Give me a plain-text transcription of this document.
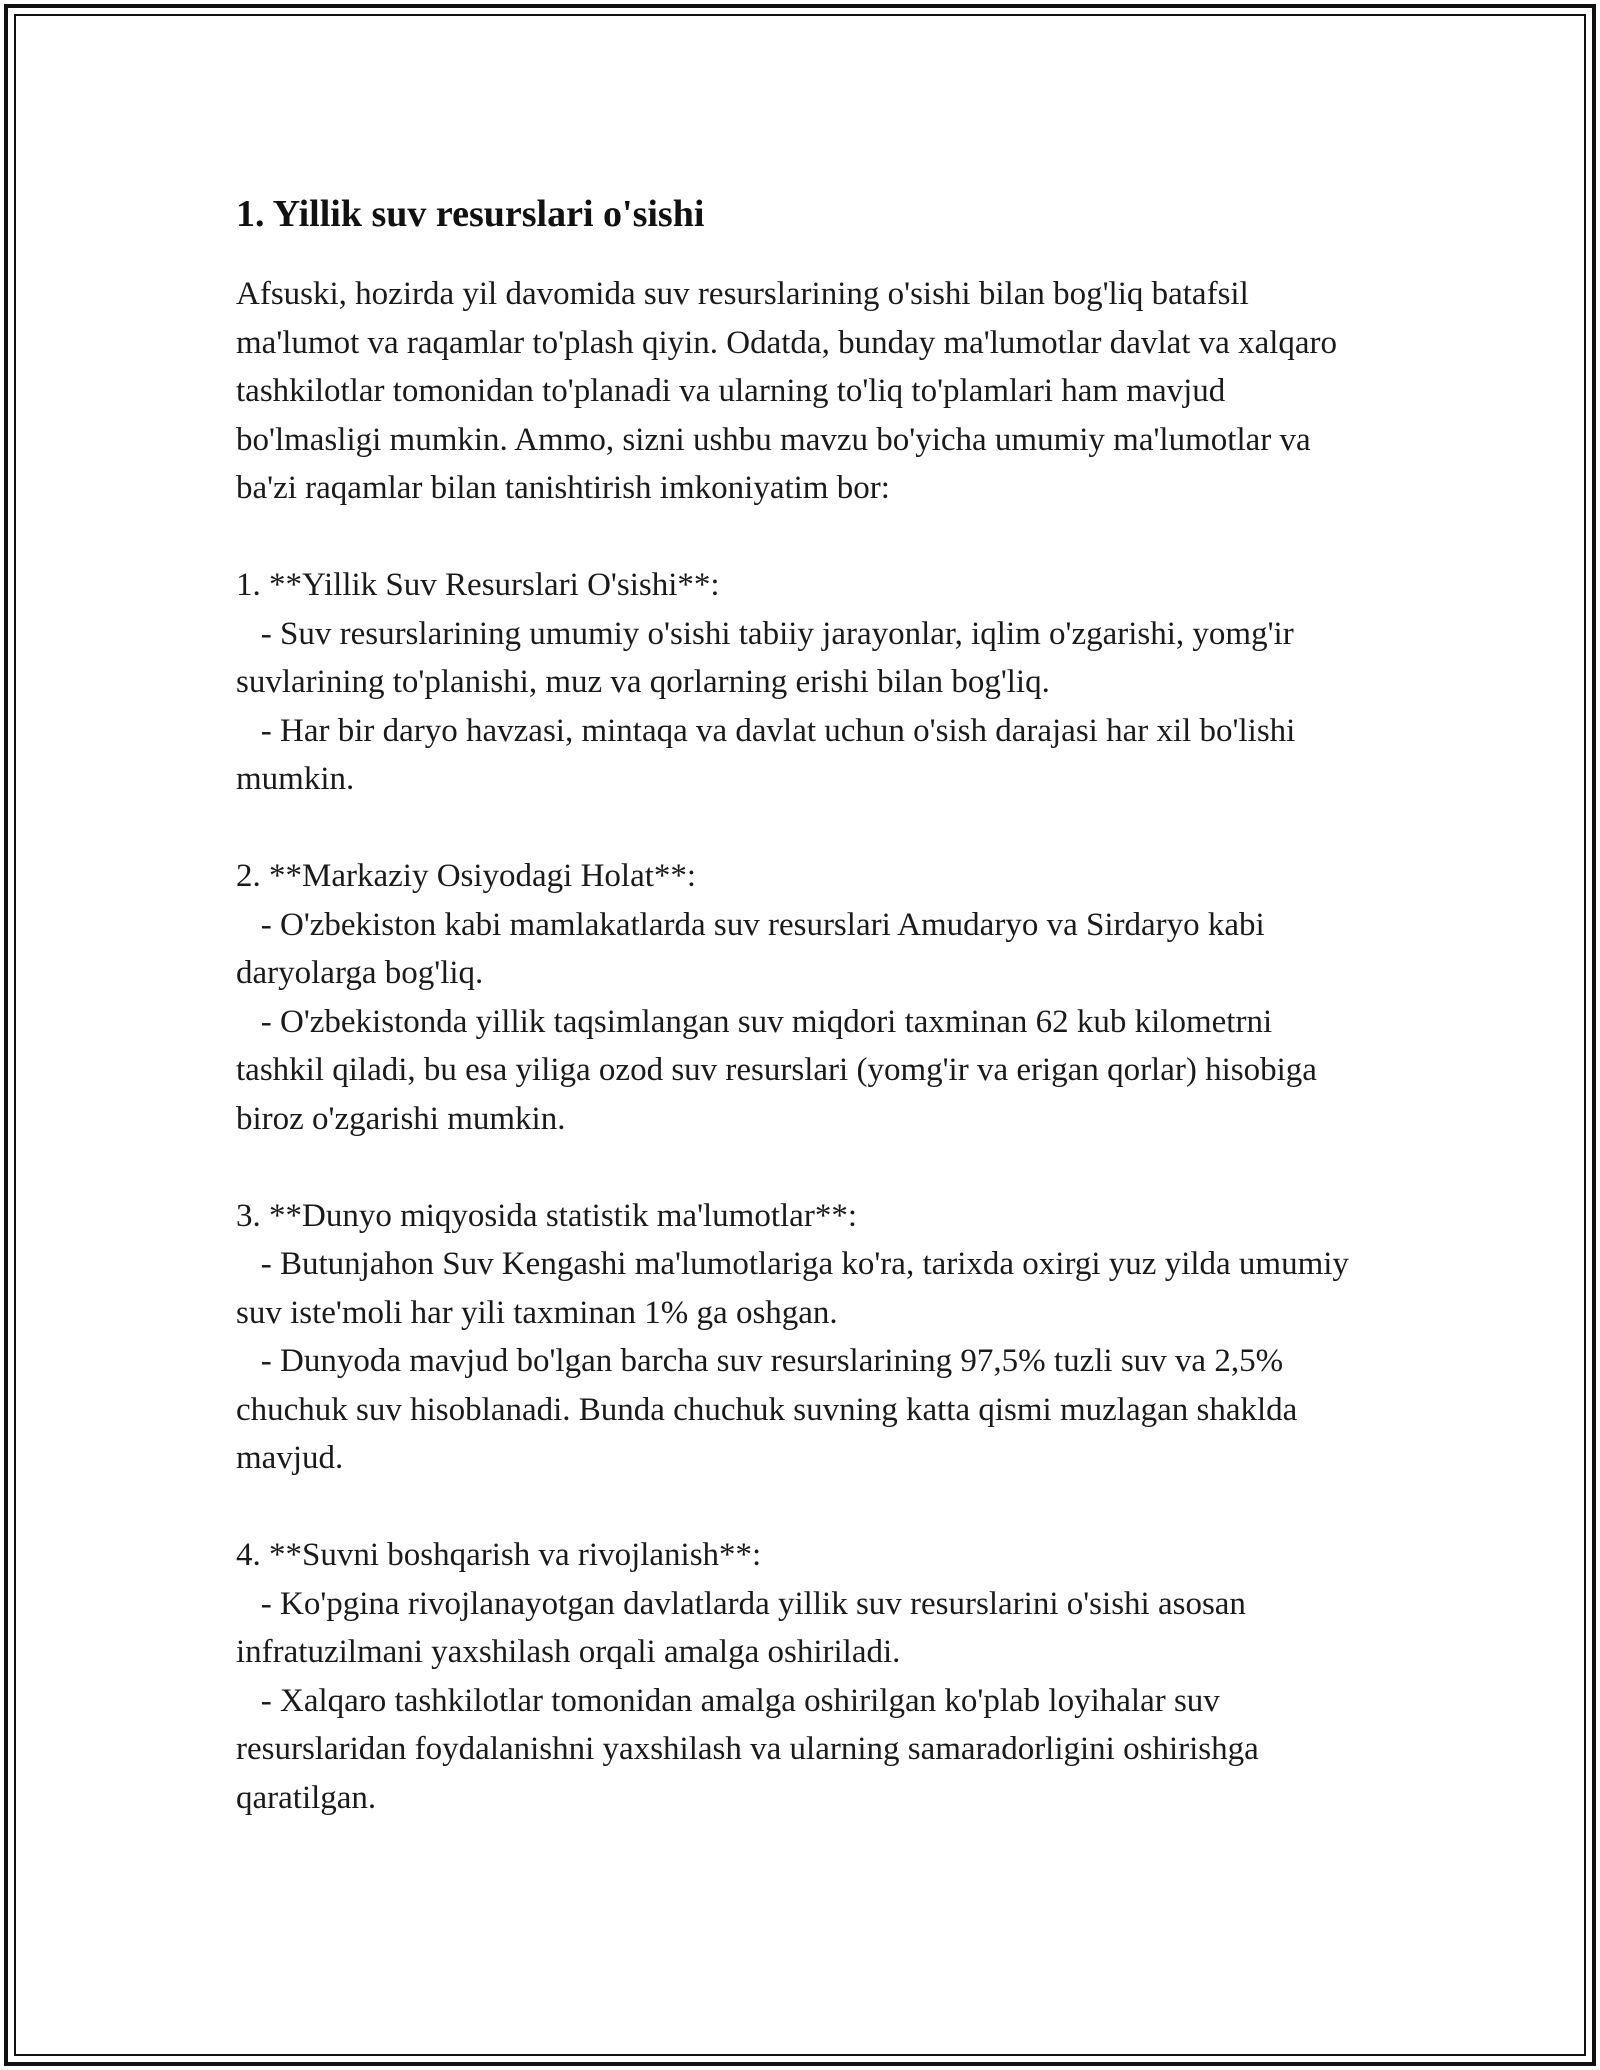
1. Yillik suv resurslari o'sishi

Afsuski, hozirda yil davomida suv resurslarining o'sishi bilan bog'liq batafsil ma'lumot va raqamlar to'plash qiyin. Odatda, bunday ma'lumotlar davlat va xalqaro tashkilotlar tomonidan to'planadi va ularning to'liq to'plamlari ham mavjud bo'lmasligi mumkin. Ammo, sizni ushbu mavzu bo'yicha umumiy ma'lumotlar va ba'zi raqamlar bilan tanishtirish imkoniyatim bor:

1. **Yillik Suv Resurslari O'sishi**:

- Suv resurslarining umumiy o'sishi tabiiy jarayonlar, iqlim o'zgarishi, yomg'ir suvlarining to'planishi, muz va qorlarning erishi bilan bog'liq.

- Har bir daryo havzasi, mintaqa va davlat uchun o'sish darajasi har xil bo'lishi mumkin.

2. **Markaziy Osiyodagi Holat**:

- O'zbekiston kabi mamlakatlarda suv resurslari Amudaryo va Sirdaryo kabi daryolarga bog'liq.

- O'zbekistonda yillik taqsimlangan suv miqdori taxminan 62 kub kilometrni tashkil qiladi, bu esa yiliga ozod suv resurslari (yomg'ir va erigan qorlar) hisobiga biroz o'zgarishi mumkin.

3. **Dunyo miqyosida statistik ma'lumotlar**:

- Butunjahon Suv Kengashi ma'lumotlariga ko'ra, tarixda oxirgi yuz yilda umumiy suv iste'moli har yili taxminan 1% ga oshgan.

- Dunyoda mavjud bo'lgan barcha suv resurslarining 97,5% tuzli suv va 2,5% chuchuk suv hisoblanadi. Bunda chuchuk suvning katta qismi muzlagan shaklda mavjud.

4. **Suvni boshqarish va rivojlanish**:

- Ko'pgina rivojlanayotgan davlatlarda yillik suv resurslarini o'sishi asosan infratuzilmani yaxshilash orqali amalga oshiriladi.

- Xalqaro tashkilotlar tomonidan amalga oshirilgan ko'plab loyihalar suv resurslaridan foydalanishni yaxshilash va ularning samaradorligini oshirishga qaratilgan.
